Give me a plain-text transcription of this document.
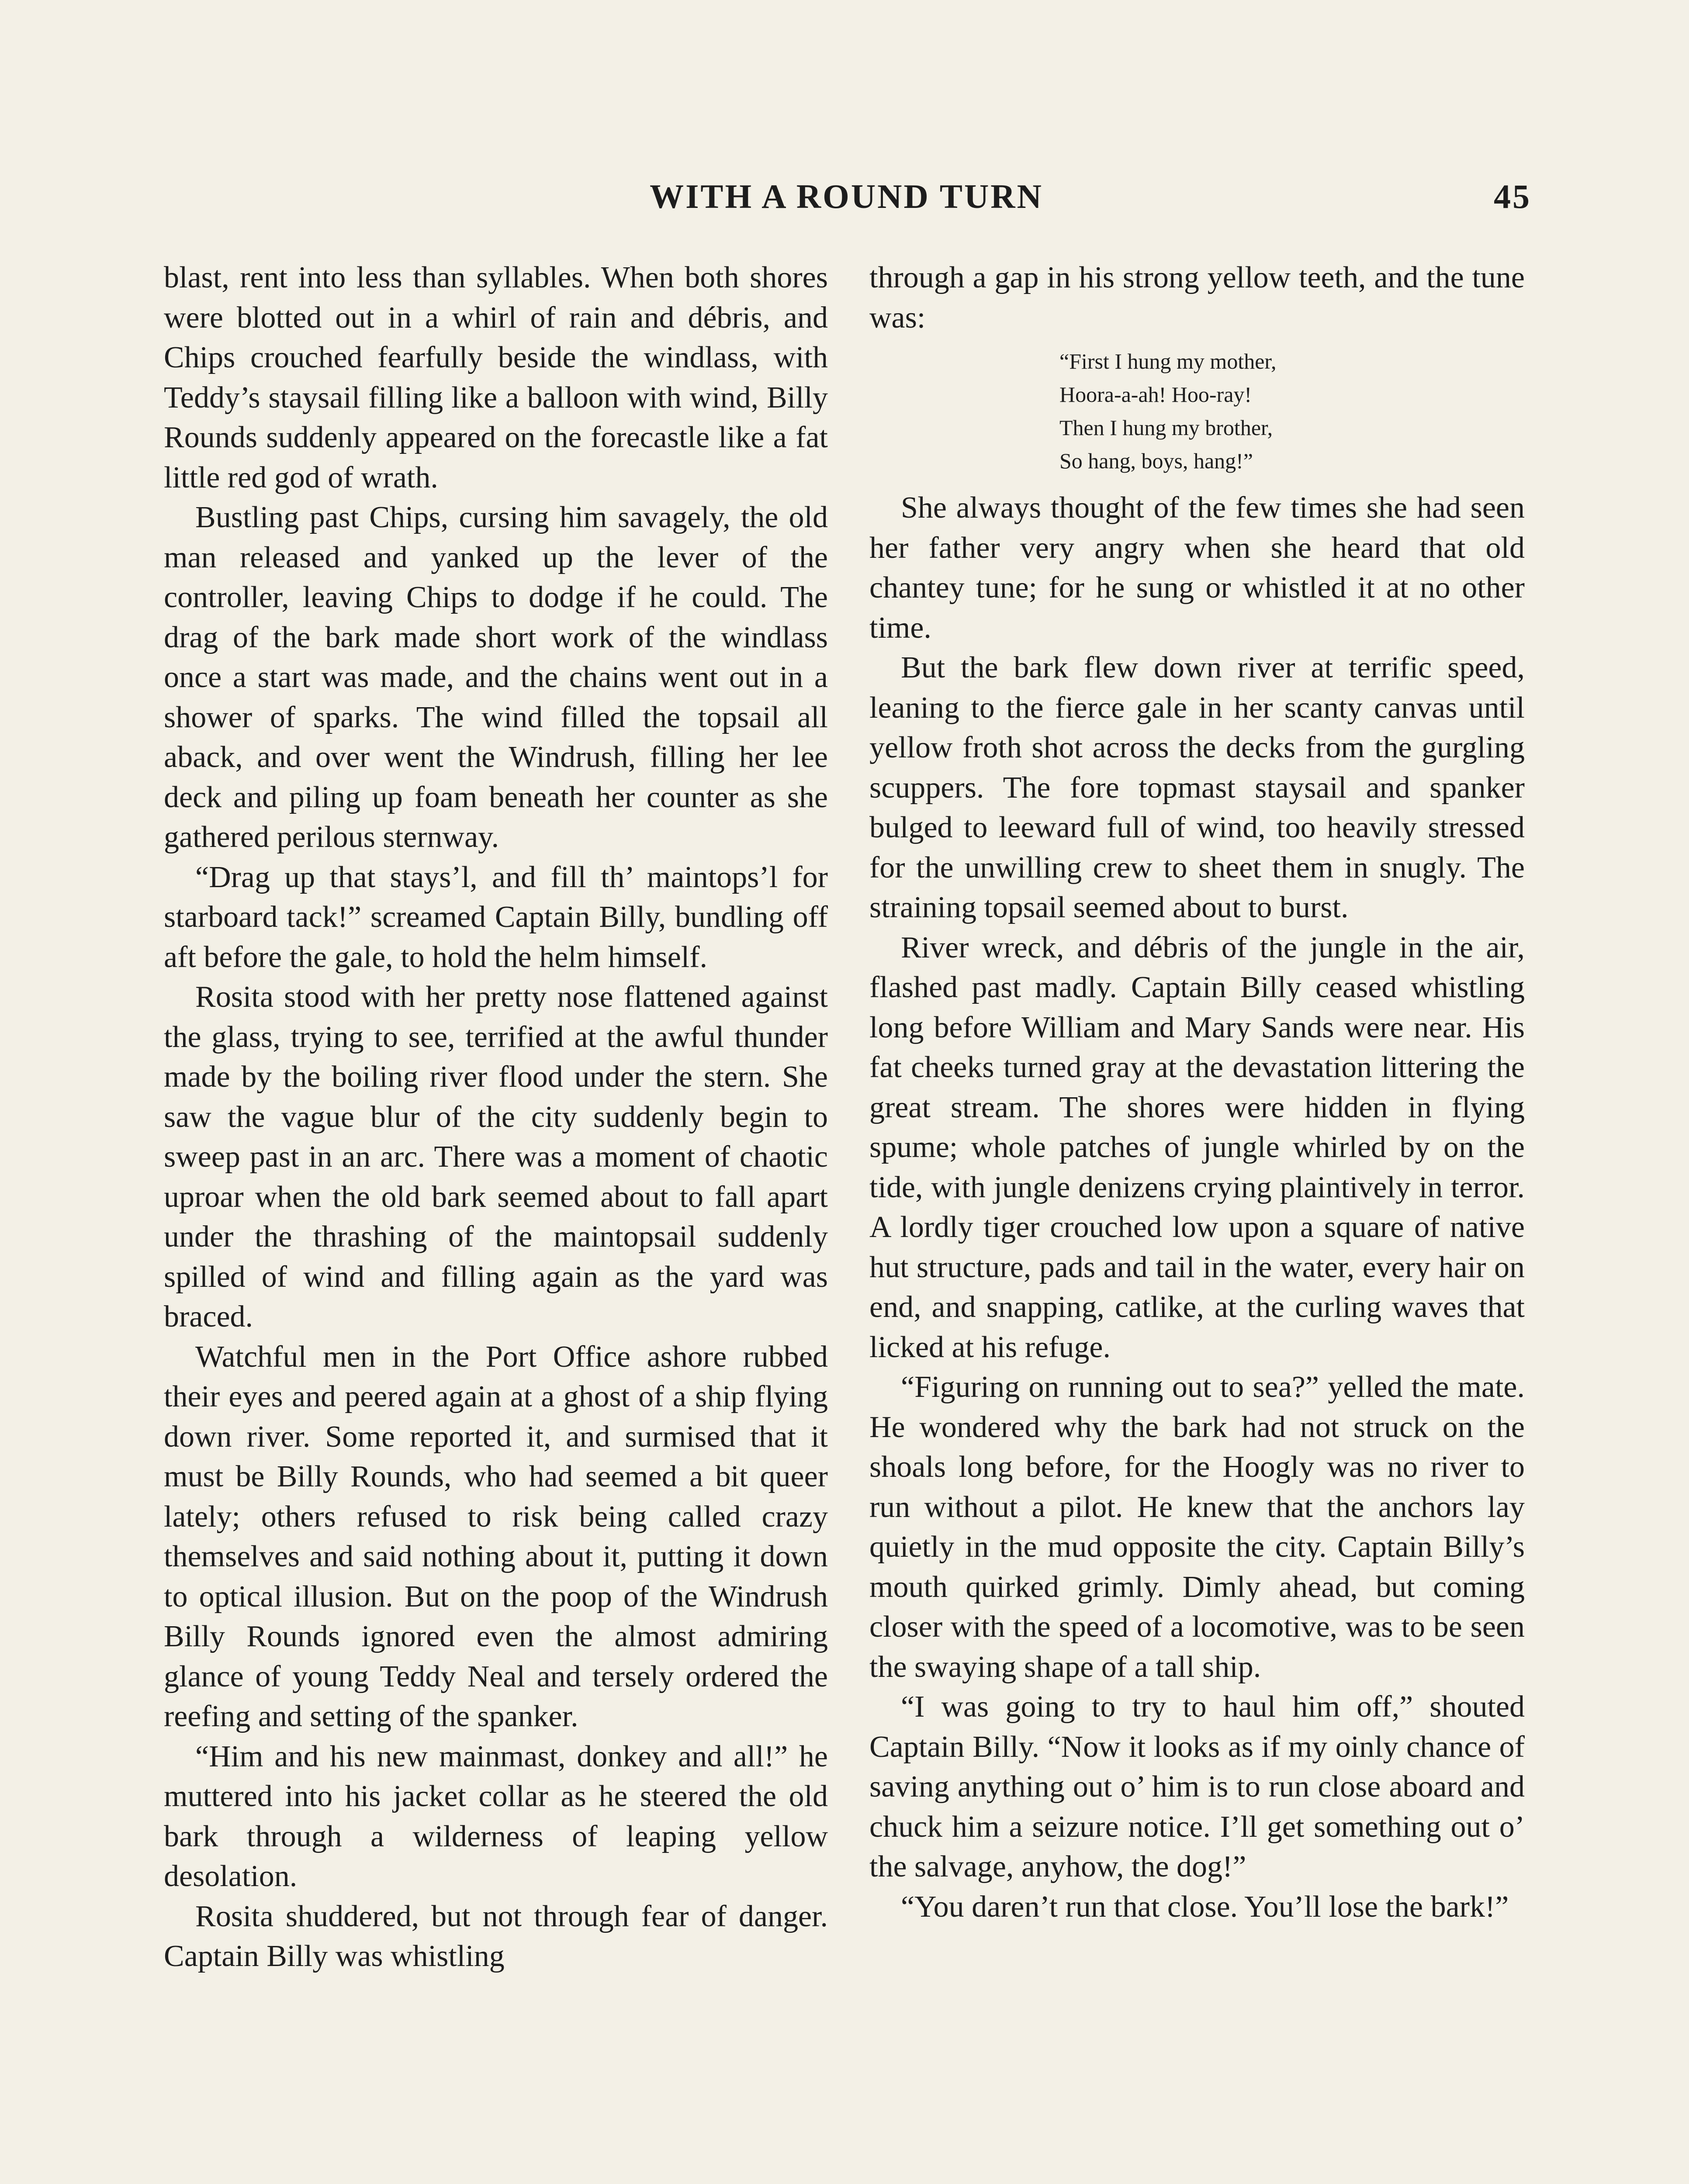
WITH A ROUND TURN	45

blast, rent into less than syllables. When both shores were blotted out in a whirl of rain and débris, and Chips crouched fearfully beside the windlass, with Teddy’s staysail filling like a balloon with wind, Billy Rounds suddenly appeared on the forecastle like a fat little red god of wrath.

Bustling past Chips, cursing him savagely, the old man released and yanked up the lever of the controller, leaving Chips to dodge if he could. The drag of the bark made short work of the windlass once a start was made, and the chains went out in a shower of sparks. The wind filled the topsail all aback, and over went the Windrush, filling her lee deck and piling up foam beneath her counter as she gathered perilous sternway.

“Drag up that stays’l, and fill th’ maintops’l for starboard tack!” screamed Captain Billy, bundling off aft before the gale, to hold the helm himself.

Rosita stood with her pretty nose flattened against the glass, trying to see, terrified at the awful thunder made by the boiling river flood under the stern. She saw the vague blur of the city suddenly begin to sweep past in an arc. There was a moment of chaotic uproar when the old bark seemed about to fall apart under the thrashing of the maintopsail suddenly spilled of wind and filling again as the yard was braced.

Watchful men in the Port Office ashore rubbed their eyes and peered again at a ghost of a ship flying down river. Some reported it, and surmised that it must be Billy Rounds, who had seemed a bit queer lately; others refused to risk being called crazy themselves and said nothing about it, putting it down to optical illusion. But on the poop of the Windrush Billy Rounds ignored even the almost admiring glance of young Teddy Neal and tersely ordered the reefing and setting of the spanker.

“Him and his new mainmast, donkey and all!” he muttered into his jacket collar as he steered the old bark through a wilderness of leaping yellow desolation.

Rosita shuddered, but not through fear of danger. Captain Billy was whistling

through a gap in his strong yellow teeth, and the tune was:

“First I hung my mother,
Hoora-a-ah! Hoo-ray!
Then I hung my brother,
So hang, boys, hang!”

She always thought of the few times she had seen her father very angry when she heard that old chantey tune; for he sung or whistled it at no other time.

But the bark flew down river at terrific speed, leaning to the fierce gale in her scanty canvas until yellow froth shot across the decks from the gurgling scuppers. The fore topmast staysail and spanker bulged to leeward full of wind, too heavily stressed for the unwilling crew to sheet them in snugly. The straining topsail seemed about to burst.

River wreck, and débris of the jungle in the air, flashed past madly. Captain Billy ceased whistling long before William and Mary Sands were near. His fat cheeks turned gray at the devastation littering the great stream. The shores were hidden in flying spume; whole patches of jungle whirled by on the tide, with jungle denizens crying plaintively in terror. A lordly tiger crouched low upon a square of native hut structure, pads and tail in the water, every hair on end, and snapping, catlike, at the curling waves that licked at his refuge.

“Figuring on running out to sea?” yelled the mate. He wondered why the bark had not struck on the shoals long before, for the Hoogly was no river to run without a pilot. He knew that the anchors lay quietly in the mud opposite the city. Captain Billy’s mouth quirked grimly. Dimly ahead, but coming closer with the speed of a locomotive, was to be seen the swaying shape of a tall ship.

“I was going to try to haul him off,” shouted Captain Billy. “Now it looks as if my oinly chance of saving anything out o’ him is to run close aboard and chuck him a seizure notice. I’ll get something out o’ the salvage, anyhow, the dog!”

“You daren’t run that close. You’ll lose the bark!”
